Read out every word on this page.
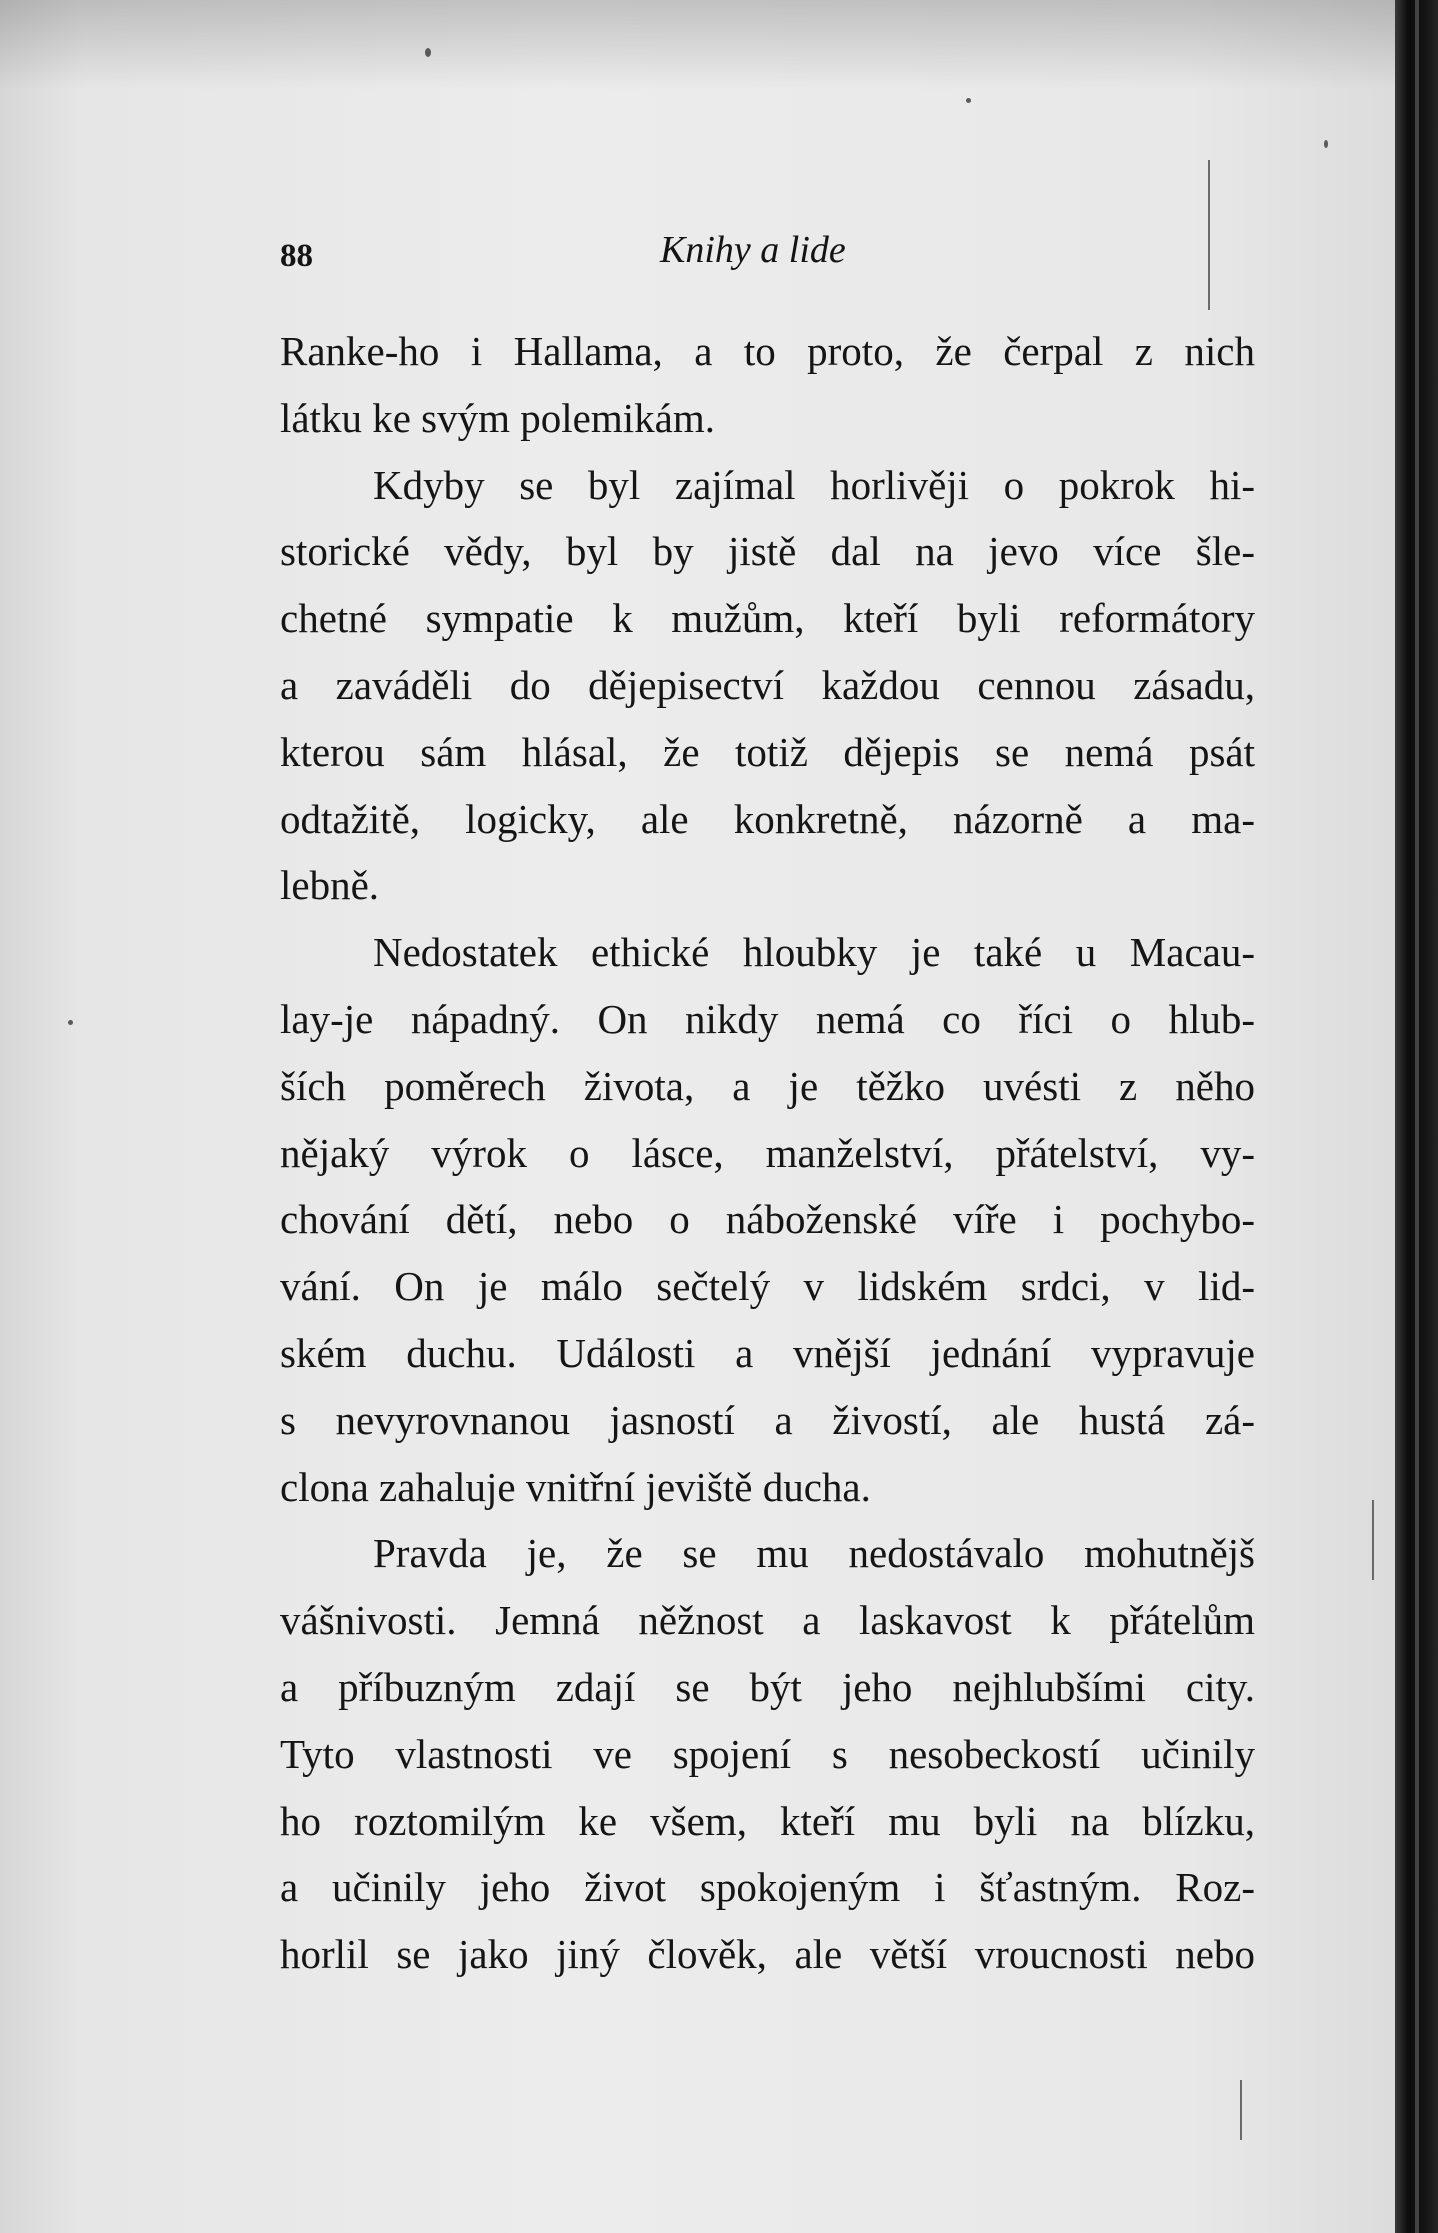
88	Knihy a lide
Ranke-ho i Hallama, a to proto, že čerpal z nich
látku ke svým polemikám.
Kdyby se byl zajímal horlivěji o pokrok hi-
storické vědy, byl by jistě dal na jevo více šle-
chetné sympatie k mužům, kteří byli reformátory
a zaváděli do dějepisectví každou cennou zásadu,
kterou sám hlásal, že totiž dějepis se nemá psát
odtažitě, logicky, ale konkretně, názorně a ma-
lebně.
Nedostatek ethické hloubky je také u Macau-
lay-je nápadný. On nikdy nemá co říci o hlub-
ších poměrech života, a je těžko uvésti z něho
nějaký výrok o lásce, manželství, přátelství, vy-
chování dětí, nebo o náboženské víře i pochybo-
vání. On je málo sečtelý v lidském srdci, v lid-
ském duchu. Události a vnější jednání vypravuje
s nevyrovnanou jasností a živostí, ale hustá zá-
clona zahaluje vnitřní jeviště ducha.
Pravda je, že se mu nedostávalo mohutnějš
vášnivosti. Jemná něžnost a laskavost k přátelům
a příbuzným zdají se být jeho nejhlubšími city.
Tyto vlastnosti ve spojení s nesobeckostí učinily
ho roztomilým ke všem, kteří mu byli na blízku,
a učinily jeho život spokojeným i šťastným. Roz-
horlil se jako jiný člověk, ale větší vroucnosti nebo
